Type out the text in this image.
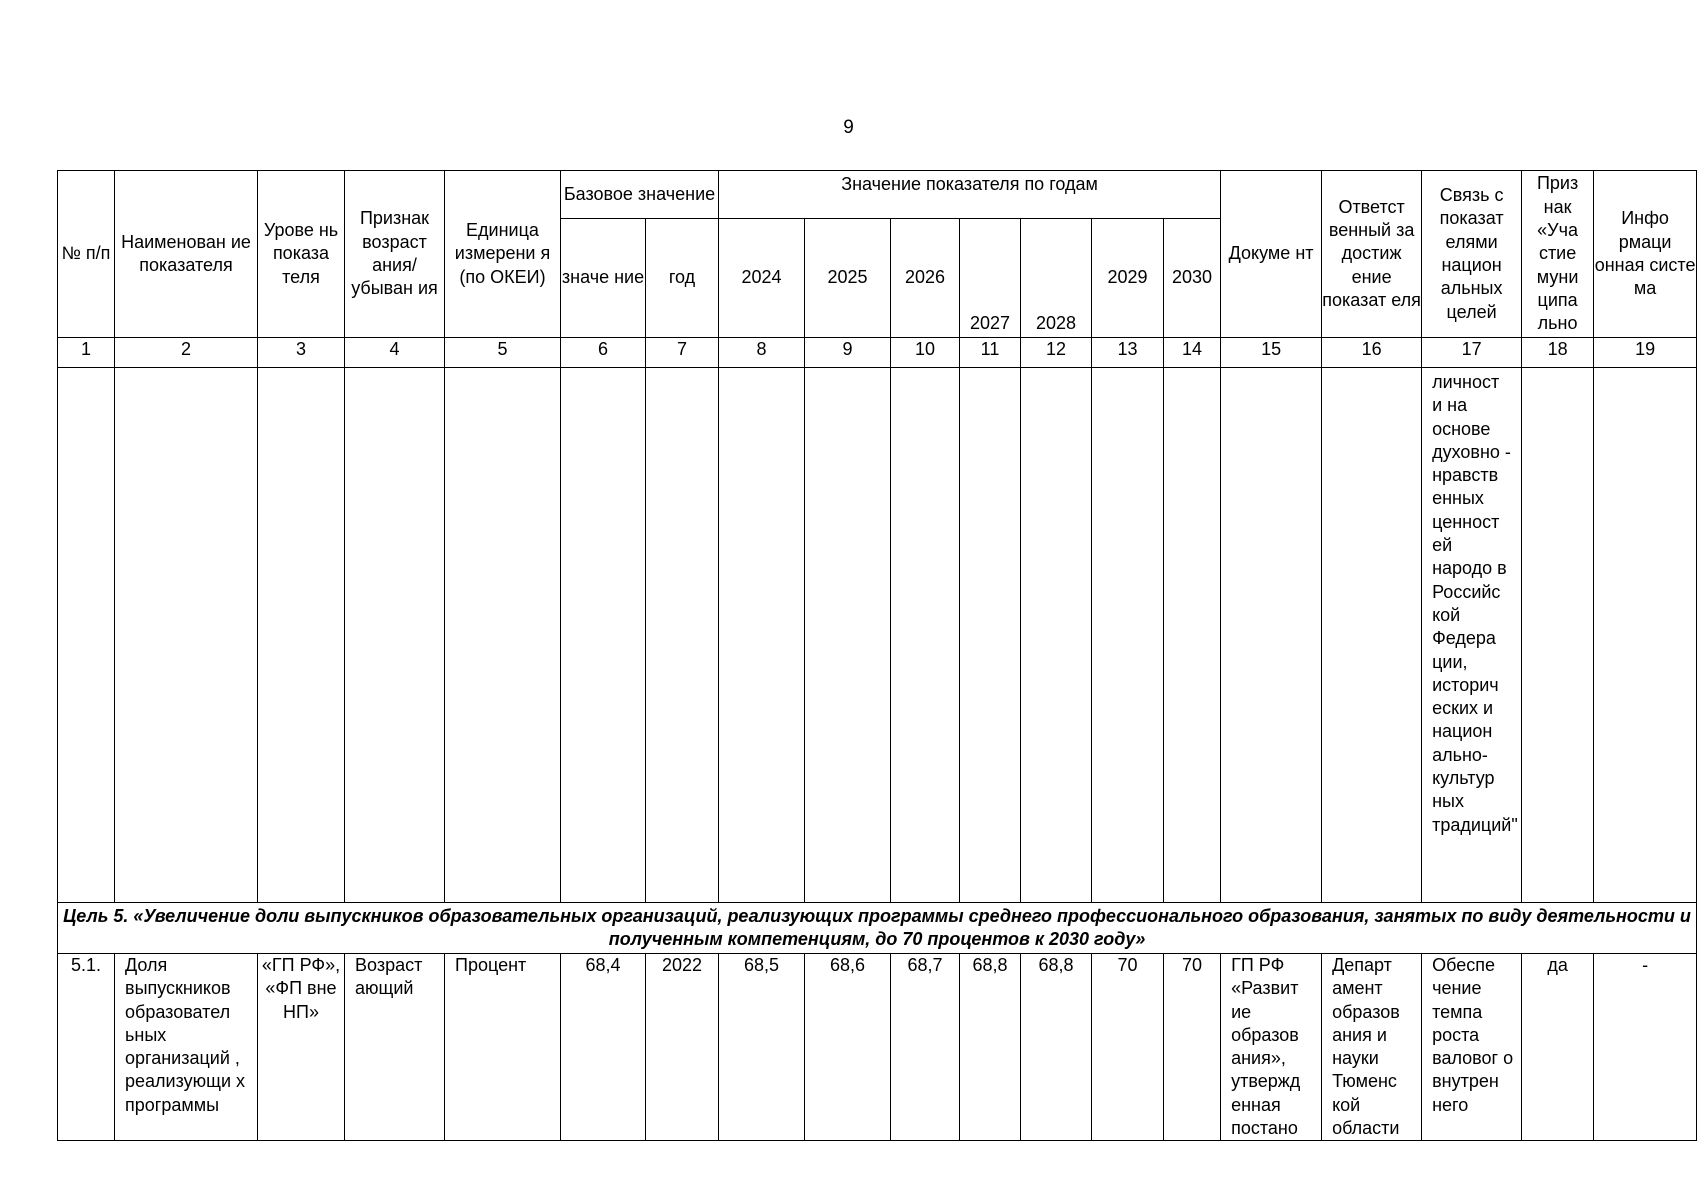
9
№ п/п	Наименован ие показателя	Урове нь показа теля	Признак возраст ания/ убыван ия	Единица измерени я (по ОКЕИ)	Базовое значение		Значение показателя по годам							Докуме нт	Ответст венный за достиж ение показат еля	Связь с показат елями национ альных целей	Приз нак «Уча стие муни ципа льно	Инфо рмаци онная систе ма
					значе ние	год	2024	2025	2026	2027	2028	2029	2030					
1	2	3	4	5	6	7	8	9	10	11	12	13	14	15	16	17	18	19
																личност и на основе духовно - нравств енных ценност ей народо в Российс кой Федера ции, историч еских и национ ально- культур ных традиций"		
Цель 5. «Увеличение доли выпускников образовательных организаций, реализующих программы среднего профессионального образования, занятых по виду деятельности и полученным компетенциям, до 70 процентов к 2030 году»																		
5.1.	Доля выпускников образовател ьных организаций , реализующи х программы	«ГП РФ», «ФП вне НП»	Возраст ающий	Процент	68,4	2022	68,5	68,6	68,7	68,8	68,8	70	70	ГП РФ «Развит ие образов ания», утвержд енная постано	Департ амент образов ания и науки Тюменс кой области	Обеспе чение темпа роста валовог о внутрен него	да	-
